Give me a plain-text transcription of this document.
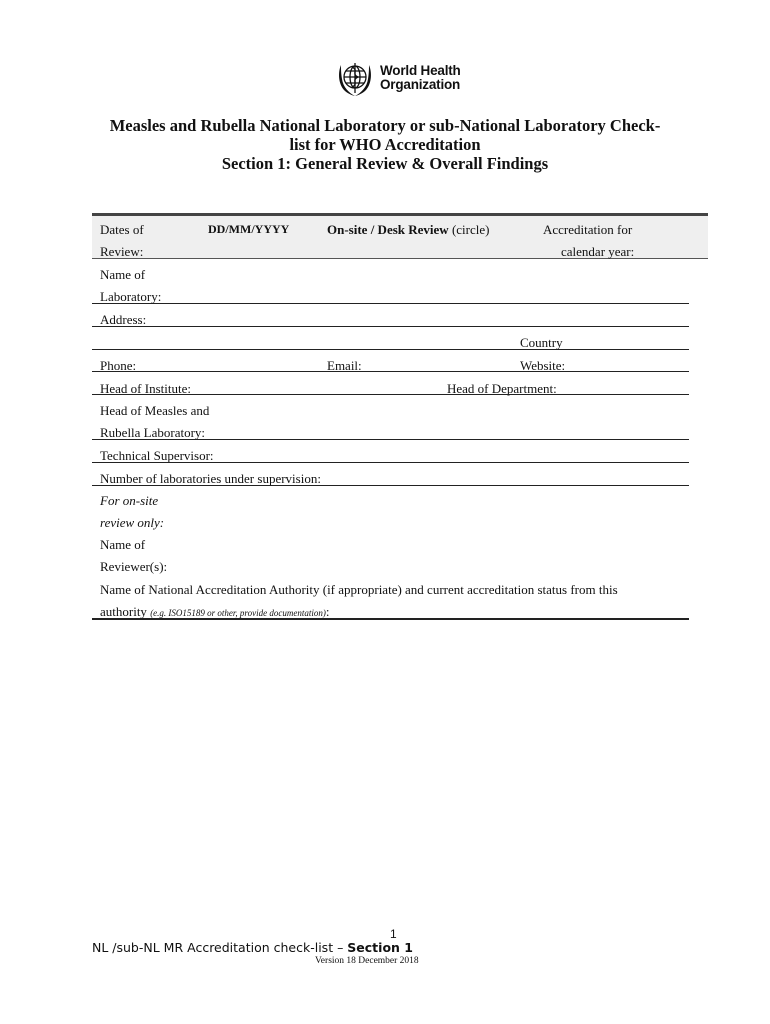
World Health
Organization
Measles and Rubella National Laboratory or sub-National Laboratory Check-
list for WHO Accreditation
Section 1: General Review & Overall Findings
Dates of
Review:
DD/MM/YYYY	On-site / Desk Review (circle)	Accreditation for
calendar year:
Name of
Laboratory:
Address:
Country
Phone:	Email:	Website:
Head of Institute:	Head of Department:
Head of Measles and
Rubella Laboratory:
Technical Supervisor:
Number of laboratories under supervision:
For on-site
review only:
Name of
Reviewer(s):
Name of National Accreditation Authority (if appropriate) and current accreditation status from this
authority (e.g. ISO15189 or other, provide documentation):
1
NL /sub-NL MR Accreditation check-list – Section 1
Version 18 December 2018
